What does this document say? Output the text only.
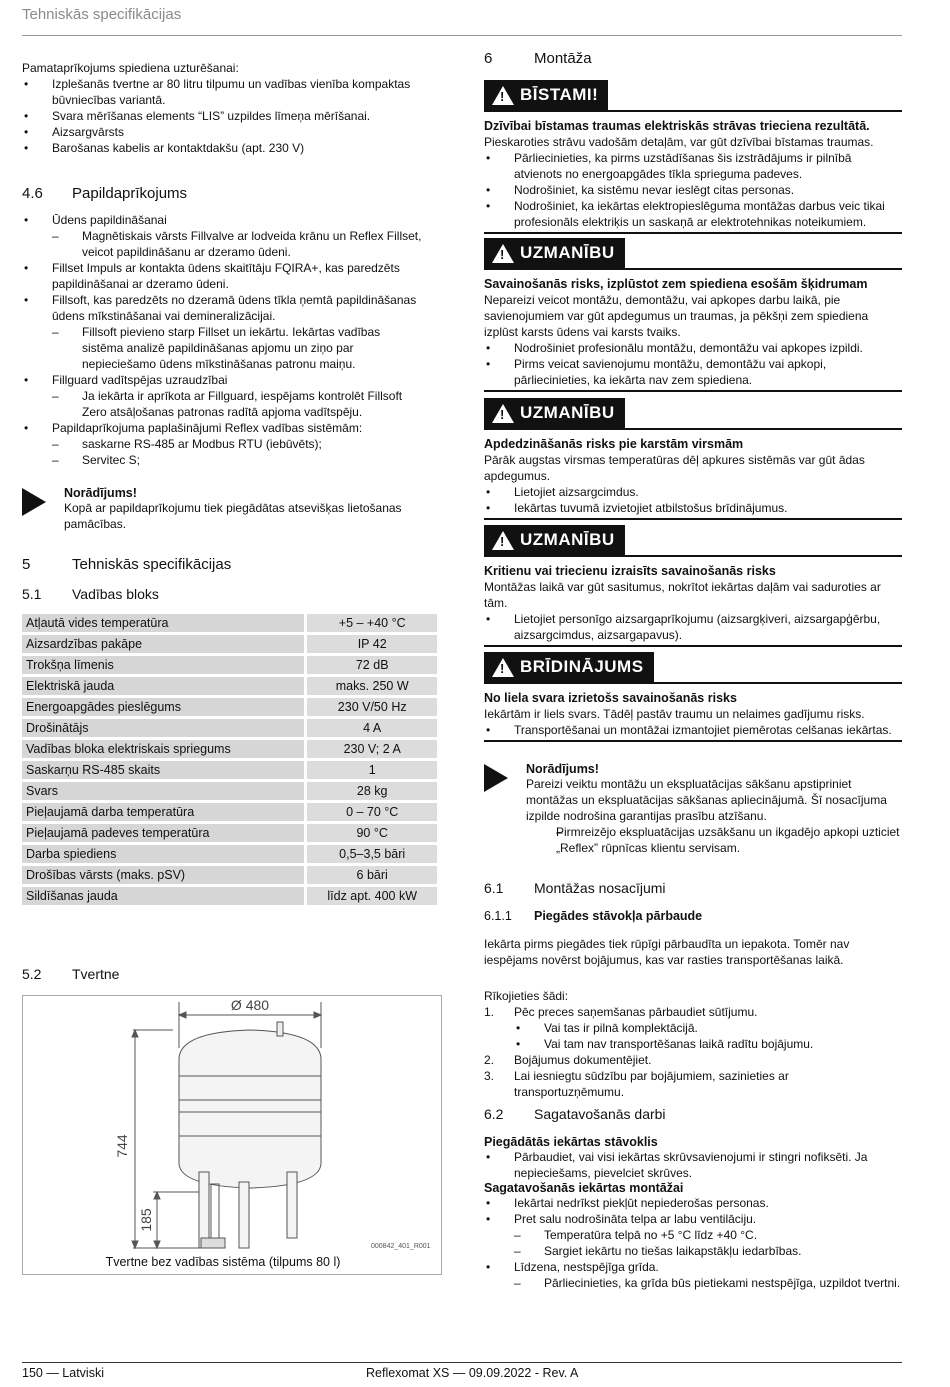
Tehniskās specifikācijas

Pamataprīkojums spiediena uzturēšanai:

• Izplešanās tvertne ar 80 litru tilpumu un vadības vienība kompaktas būvniecības variantā.
• Svara mērīšanas elements “LIS” uzpildes līmeņa mērīšanai.
• Aizsargvārsts
• Barošanas kabelis ar kontaktdakšu (apt. 230 V)
4.6	Papildaprīkojums
• Ūdens papildināšanai
– Magnētiskais vārsts Fillvalve ar lodveida krānu un Reflex Fillset, veicot papildināšanu ar dzeramo ūdeni.
• Fillset Impuls ar kontakta ūdens skaitītāju FQIRA+, kas paredzēts papildināšanai ar dzeramo ūdeni.
• Fillsoft, kas paredzēts no dzeramā ūdens tīkla ņemtā papildināšanas ūdens mīkstināšanai vai demineralizācijai.
– Fillsoft pievieno starp Fillset un iekārtu. Iekārtas vadības sistēma analizē papildināšanas apjomu un ziņo par nepieciešamo ūdens mīkstināšanas patronu maiņu.
• Fillguard vadītspējas uzraudzībai
– Ja iekārta ir aprīkota ar Fillguard, iespējams kontrolēt Fillsoft Zero atsāļošanas patronas radītā apjoma vadītspēju.
• Papildaprīkojuma paplašinājumi Reflex vadības sistēmām:
– saskarne RS-485 ar Modbus RTU (iebūvēts);
– Servitec S;
Norādījums!

Kopā ar papildaprīkojumu tiek piegādātas atsevišķas lietošanas pamācības.

5	Tehniskās specifikācijas
5.1	Vadības bloks
Atļautā vides temperatūra	+5 – +40 °C
Aizsardzības pakāpe	IP 42
Trokšņa līmenis	72 dB
Elektriskā jauda	maks. 250 W
Energoapgādes pieslēgums	230 V/50 Hz
Drošinātājs	4 A
Vadības bloka elektriskais spriegums	230 V; 2 A
Saskarņu RS-485 skaits	1
Svars	28 kg
Pieļaujamā darba temperatūra	0 – 70 °C
Pieļaujamā padeves temperatūra	90 °C
Darba spiediens	0,5–3,5 bāri
Drošības vārsts (maks. pSV)	6 bāri
Sildīšanas jauda	līdz apt. 400 kW
5.2	Tvertne
Ø 480
744
185
000842_401_R001
Tvertne bez vadības sistēma (tilpums 80 l)
6	Montāža
! BĪSTAMI!
Dzīvībai bīstamas traumas elektriskās strāvas trieciena rezultātā.

Pieskaroties strāvu vadošām detaļām, var gūt dzīvībai bīstamas traumas.

• Pārliecinieties, ka pirms uzstādīšanas šis izstrādājums ir pilnībā atvienots no energoapgādes tīkla sprieguma padeves.
• Nodrošiniet, ka sistēmu nevar ieslēgt citas personas.
• Nodrošiniet, ka iekārtas elektropieslēguma montāžas darbus veic tikai profesionāls elektriķis un saskaņā ar elektrotehnikas noteikumiem.
! UZMANĪBU
Savainošanās risks, izplūstot zem spiediena esošām šķidrumam

Nepareizi veicot montāžu, demontāžu, vai apkopes darbu laikā, pie savienojumiem var gūt apdegumus un traumas, ja pēkšņi zem spiediena izplūst karsts ūdens vai karsts tvaiks.

• Nodrošiniet profesionālu montāžu, demontāžu vai apkopes izpildi.
• Pirms veicat savienojumu montāžu, demontāžu vai apkopi, pārliecinieties, ka iekārta nav zem spiediena.
! UZMANĪBU
Apdedzināšanās risks pie karstām virsmām

Pārāk augstas virsmas temperatūras dēļ apkures sistēmās var gūt ādas apdegumus.

• Lietojiet aizsargcimdus.
• Iekārtas tuvumā izvietojiet atbilstošus brīdinājumus.
! UZMANĪBU
Kritienu vai triecienu izraisīts savainošanās risks

Montāžas laikā var gūt sasitumus, nokrītot iekārtas daļām vai saduroties ar tām.

• Lietojiet personīgo aizsargaprīkojumu (aizsargķiveri, aizsargapģērbu, aizsargcimdus, aizsargapavus).
! BRĪDINĀJUMS
No liela svara izrietošs savainošanās risks

Iekārtām ir liels svars. Tādēļ pastāv traumu un nelaimes gadījumu risks.

• Transportēšanai un montāžai izmantojiet piemērotas celšanas iekārtas.
Norādījums!

Pareizi veiktu montāžu un ekspluatācijas sākšanu apstipriniet montāžas un ekspluatācijas sākšanas apliecinājumā. Šī nosacījuma izpilde nodrošina garantijas prasību atzīšanu.

– Pirmreizējo ekspluatācijas uzsākšanu un ikgadējo apkopi uzticiet „Reflex” rūpnīcas klientu servisam.
6.1	Montāžas nosacījumi
6.1.1	Piegādes stāvokļa pārbaude

Iekārta pirms piegādes tiek rūpīgi pārbaudīta un iepakota. Tomēr nav iespējams novērst bojājumus, kas var rasties transportēšanas laikā.

Rīkojieties šādi:

1. Pēc preces saņemšanas pārbaudiet sūtījumu.
• Vai tas ir pilnā komplektācijā.
• Vai tam nav transportēšanas laikā radītu bojājumu.
2. Bojājumus dokumentējiet.
3. Lai iesniegtu sūdzību par bojājumiem, sazinieties ar transportuzņēmumu.
6.2	Sagatavošanās darbi
Piegādātās iekārtas stāvoklis
• Pārbaudiet, vai visi iekārtas skrūvsavienojumi ir stingri nofiksēti. Ja nepieciešams, pievelciet skrūves.
Sagatavošanās iekārtas montāžai
• Iekārtai nedrīkst piekļūt nepiederošas personas.
• Pret salu nodrošināta telpa ar labu ventilāciju.
– Temperatūra telpā no +5 °C līdz +40 °C.
– Sargiet iekārtu no tiešas laikapstākļu iedarbības.
• Līdzena, nestspējīga grīda.
– Pārliecinieties, ka grīda būs pietiekami nestspējīga, uzpildot tvertni.
150 — Latviski	Reflexomat XS — 09.09.2022 - Rev. A
